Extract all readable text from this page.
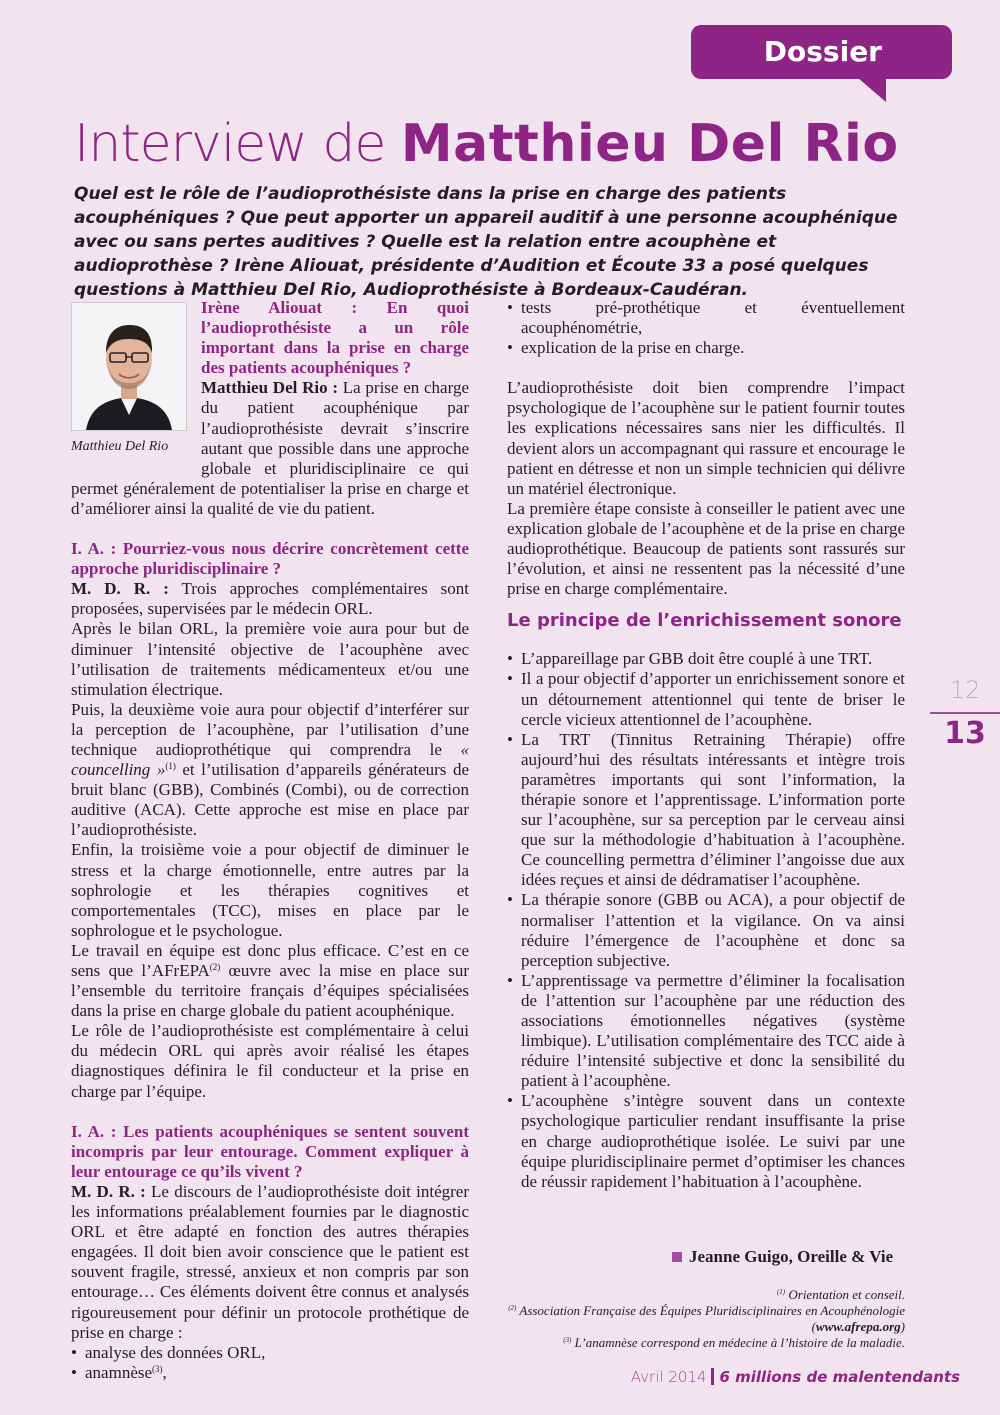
Dossier
Interview de Matthieu Del Rio

Quel est le rôle de l’audioprothésiste dans la prise en charge des patients acouphéniques ? Que peut apporter un appareil auditif à une personne acouphénique avec ou sans pertes auditives ? Quelle est la relation entre acouphène et audioprothèse ? Irène Aliouat, présidente d’Audition et Écoute 33 a posé quelques questions à Matthieu Del Rio, Audioprothésiste à Bordeaux-Caudéran.

Matthieu Del Rio

Irène Aliouat : En quoi l’audioprothésiste a un rôle important dans la prise en charge des patients acouphéniques ?

Matthieu Del Rio : La prise en charge du patient acouphénique par l’audioprothésiste devrait s’inscrire autant que possible dans une approche globale et pluridisciplinaire ce qui permet généralement de potentialiser la prise en charge et d’améliorer ainsi la qualité de vie du patient.

I. A. : Pourriez-vous nous décrire concrètement cette approche pluridisciplinaire ?

M. D. R. : Trois approches complémentaires sont proposées, supervisées par le médecin ORL.

Après le bilan ORL, la première voie aura pour but de diminuer l’intensité objective de l’acouphène avec l’utilisation de traitements médicamenteux et/ou une stimulation électrique.

Puis, la deuxième voie aura pour objectif d’interférer sur la perception de l’acouphène, par l’utilisation d’une technique audioprothétique qui comprendra le « councelling »$^{(1)}$ et l’utilisation d’appareils générateurs de bruit blanc (GBB), Combinés (Combi), ou de correction auditive (ACA). Cette approche est mise en place par l’audioprothésiste.

Enfin, la troisième voie a pour objectif de diminuer le stress et la charge émotionnelle, entre autres par la sophrologie et les thérapies cognitives et comportementales (TCC), mises en place par le sophrologue et le psychologue.

Le travail en équipe est donc plus efficace. C’est en ce sens que l’AFrEPA$^{(2)}$ œuvre avec la mise en place sur l’ensemble du territoire français d’équipes spécialisées dans la prise en charge globale du patient acouphénique.

Le rôle de l’audioprothésiste est complémentaire à celui du médecin ORL qui après avoir réalisé les étapes diagnostiques définira le fil conducteur et la prise en charge par l’équipe.

I. A. : Les patients acouphéniques se sentent souvent incompris par leur entourage. Comment expliquer à leur entourage ce qu’ils vivent ?

M. D. R. : Le discours de l’audioprothésiste doit intégrer les informations préalablement fournies par le diagnostic ORL et être adapté en fonction des autres thérapies engagées. Il doit bien avoir conscience que le patient est souvent fragile, stressé, anxieux et non compris par son entourage… Ces éléments doivent être connus et analysés rigoureusement pour définir un protocole prothétique de prise en charge :

• analyse des données ORL,
• anamnèse$^{(3)}$,
• tests pré-prothétique et éventuellement acouphénométrie,
• explication de la prise en charge.

L’audioprothésiste doit bien comprendre l’impact psychologique de l’acouphène sur le patient fournir toutes les explications nécessaires sans nier les difficultés. Il devient alors un accompagnant qui rassure et encourage le patient en détresse et non un simple technicien qui délivre un matériel électronique.

La première étape consiste à conseiller le patient avec une explication globale de l’acouphène et de la prise en charge audioprothétique. Beaucoup de patients sont rassurés sur l’évolution, et ainsi ne ressentent pas la nécessité d’une prise en charge complémentaire.

Le principe de l’enrichissement sonore
• L’appareillage par GBB doit être couplé à une TRT.
• Il a pour objectif d’apporter un enrichissement sonore et un détournement attentionnel qui tente de briser le cercle vicieux attentionnel de l’acouphène.
• La TRT (Tinnitus Retraining Thérapie) offre aujourd’hui des résultats intéressants et intègre trois paramètres importants qui sont l’information, la thérapie sonore et l’apprentissage. L’information porte sur l’acouphène, sur sa perception par le cerveau ainsi que sur la méthodologie d’habituation à l’acouphène. Ce councelling permettra d’éliminer l’angoisse due aux idées reçues et ainsi de dédramatiser l’acouphène.
• La thérapie sonore (GBB ou ACA), a pour objectif de normaliser l’attention et la vigilance. On va ainsi réduire l’émergence de l’acouphène et donc sa perception subjective.
• L’apprentissage va permettre d’éliminer la focalisation de l’attention sur l’acouphène par une réduction des associations émotionnelles négatives (système limbique). L’utilisation complémentaire des TCC aide à réduire l’intensité subjective et donc la sensibilité du patient à l’acouphène.
• L’acouphène s’intègre souvent dans un contexte psychologique particulier rendant insuffisante la prise en charge audioprothétique isolée. Le suivi par une équipe pluridisciplinaire permet d’optimiser les chances de réussir rapidement l’habituation à l’acouphène.
Jeanne Guigo, Oreille & Vie
$^{(1)}$ Orientation et conseil.
$^{(2)}$ Association Française des Équipes Pluridisciplinaires en Acouphénologie (www.afrepa.org)
$^{(3)}$ L’anamnèse correspond en médecine à l’histoire de la maladie.
12
13
Avril 2014 6 millions de malentendants
